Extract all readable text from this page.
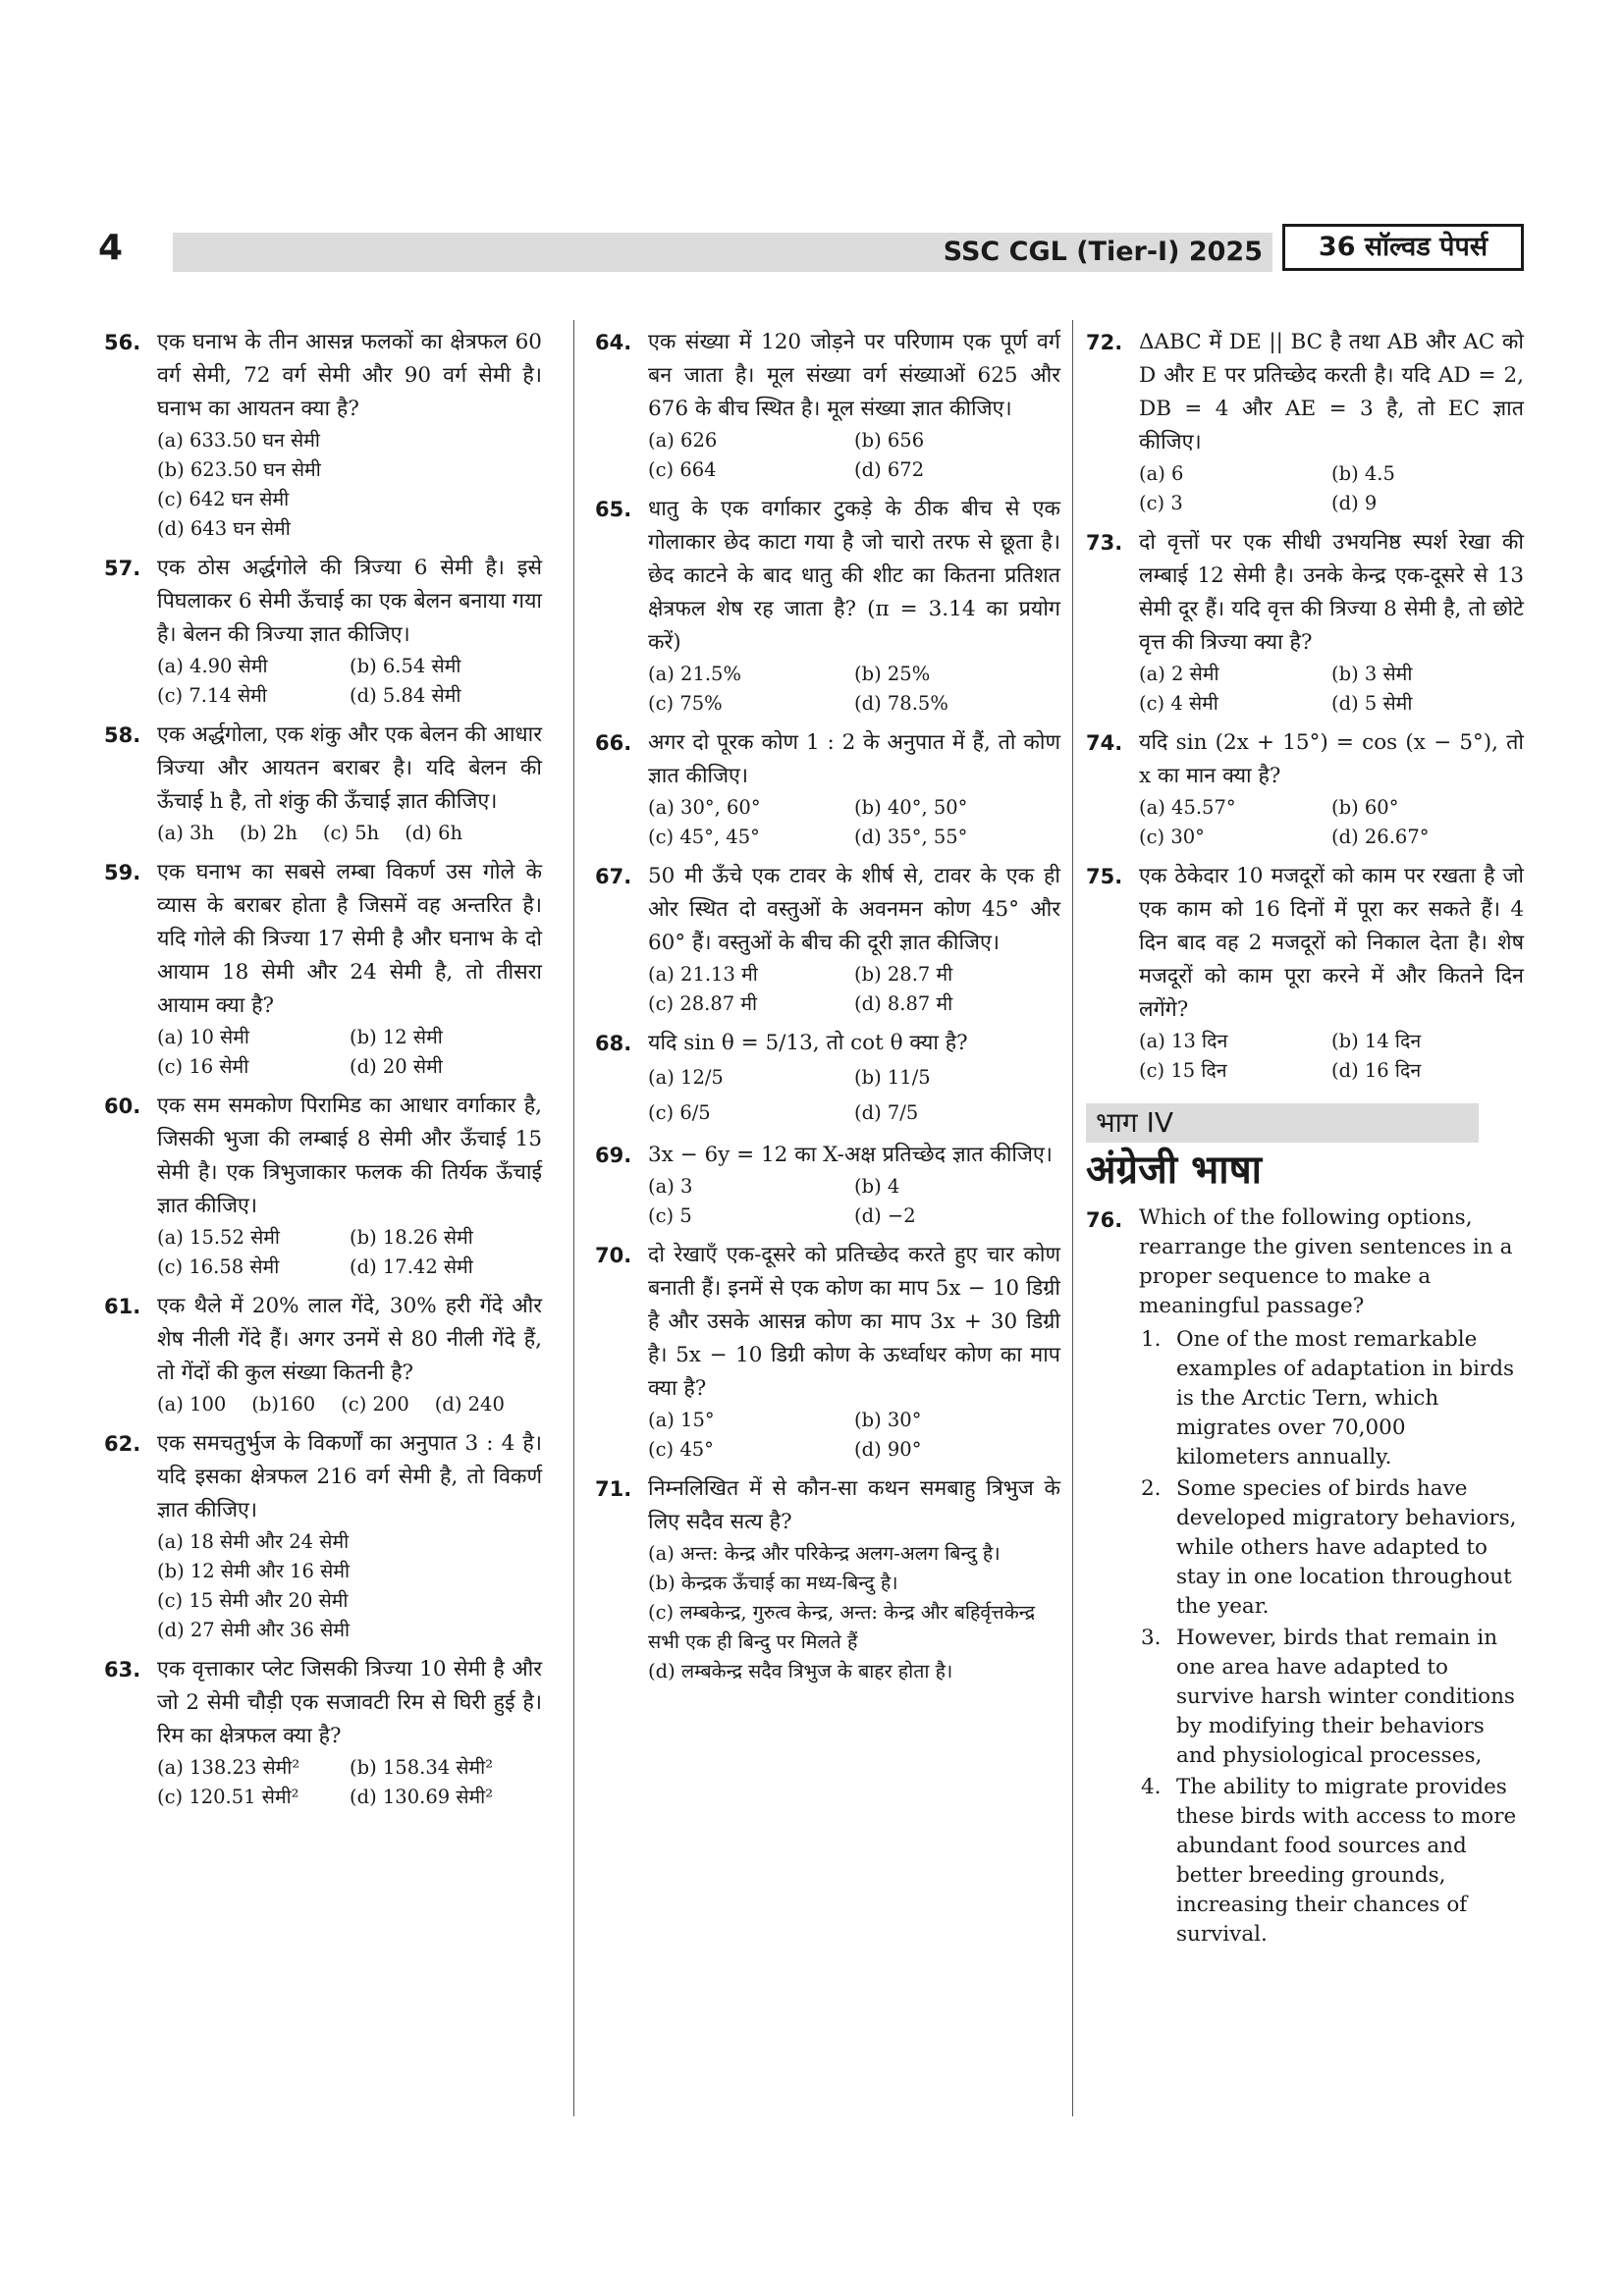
4	SSC CGL (Tier-I) 2025	36 सॉल्वड पेपर्स
56. एक घनाभ के तीन आसन्न फलकों का क्षेत्रफल 60 वर्ग सेमी, 72 वर्ग सेमी और 90 वर्ग सेमी है। घनाभ का आयतन क्या है?
(a) 633.50 घन सेमी
(b) 623.50 घन सेमी
(c) 642 घन सेमी
(d) 643 घन सेमी
57. एक ठोस अर्द्धगोले की त्रिज्या 6 सेमी है। इसे पिघलाकर 6 सेमी ऊँचाई का एक बेलन बनाया गया है। बेलन की त्रिज्या ज्ञात कीजिए।
(a) 4.90 सेमी	(b) 6.54 सेमी
(c) 7.14 सेमी	(d) 5.84 सेमी
58. एक अर्द्धगोला, एक शंकु और एक बेलन की आधार त्रिज्या और आयतन बराबर है। यदि बेलन की ऊँचाई h है, तो शंकु की ऊँचाई ज्ञात कीजिए।
(a) 3h (b) 2h (c) 5h (d) 6h
59. एक घनाभ का सबसे लम्बा विकर्ण उस गोले के व्यास के बराबर होता है जिसमें वह अन्तरित है। यदि गोले की त्रिज्या 17 सेमी है और घनाभ के दो आयाम 18 सेमी और 24 सेमी है, तो तीसरा आयाम क्या है?
(a) 10 सेमी	(b) 12 सेमी
(c) 16 सेमी	(d) 20 सेमी
60. एक सम समकोण पिरामिड का आधार वर्गाकार है, जिसकी भुजा की लम्बाई 8 सेमी और ऊँचाई 15 सेमी है। एक त्रिभुजाकार फलक की तिर्यक ऊँचाई ज्ञात कीजिए।
(a) 15.52 सेमी	(b) 18.26 सेमी
(c) 16.58 सेमी	(d) 17.42 सेमी
61. एक थैले में 20% लाल गेंदे, 30% हरी गेंदे और शेष नीली गेंदे हैं। अगर उनमें से 80 नीली गेंदे हैं, तो गेंदों की कुल संख्या कितनी है?
(a) 100 (b)160 (c) 200 (d) 240
62. एक समचतुर्भुज के विकर्णों का अनुपात 3 : 4 है। यदि इसका क्षेत्रफल 216 वर्ग सेमी है, तो विकर्ण ज्ञात कीजिए।
(a) 18 सेमी और 24 सेमी
(b) 12 सेमी और 16 सेमी
(c) 15 सेमी और 20 सेमी
(d) 27 सेमी और 36 सेमी
63. एक वृत्ताकार प्लेट जिसकी त्रिज्या 10 सेमी है और जो 2 सेमी चौड़ी एक सजावटी रिम से घिरी हुई है। रिम का क्षेत्रफल क्या है?
(a) 138.23 सेमी²	(b) 158.34 सेमी²
(c) 120.51 सेमी²	(d) 130.69 सेमी²
64. एक संख्या में 120 जोड़ने पर परिणाम एक पूर्ण वर्ग बन जाता है। मूल संख्या वर्ग संख्याओं 625 और 676 के बीच स्थित है। मूल संख्या ज्ञात कीजिए।
(a) 626	(b) 656
(c) 664	(d) 672
65. धातु के एक वर्गाकार टुकड़े के ठीक बीच से एक गोलाकार छेद काटा गया है जो चारो तरफ से छूता है। छेद काटने के बाद धातु की शीट का कितना प्रतिशत क्षेत्रफल शेष रह जाता है? (π = 3.14 का प्रयोग करें)
(a) 21.5%	(b) 25%
(c) 75%	(d) 78.5%
66. अगर दो पूरक कोण 1 : 2 के अनुपात में हैं, तो कोण ज्ञात कीजिए।
(a) 30°, 60°	(b) 40°, 50°
(c) 45°, 45°	(d) 35°, 55°
67. 50 मी ऊँचे एक टावर के शीर्ष से, टावर के एक ही ओर स्थित दो वस्तुओं के अवनमन कोण 45° और 60° हैं। वस्तुओं के बीच की दूरी ज्ञात कीजिए।
(a) 21.13 मी	(b) 28.7 मी
(c) 28.87 मी	(d) 8.87 मी
68. यदि sin θ = 5/13, तो cot θ क्या है?
(a) 12/5	(b) 11/5
(c) 6/5	(d) 7/5
69. 3x − 6y = 12 का X-अक्ष प्रतिच्छेद ज्ञात कीजिए।
(a) 3	(b) 4
(c) 5	(d) −2
70. दो रेखाएँ एक-दूसरे को प्रतिच्छेद करते हुए चार कोण बनाती हैं। इनमें से एक कोण का माप 5x − 10 डिग्री है और उसके आसन्न कोण का माप 3x + 30 डिग्री है। 5x − 10 डिग्री कोण के ऊर्ध्वाधर कोण का माप क्या है?
(a) 15°	(b) 30°
(c) 45°	(d) 90°
71. निम्नलिखित में से कौन-सा कथन समबाहु त्रिभुज के लिए सदैव सत्य है?
(a) अन्त: केन्द्र और परिकेन्द्र अलग-अलग बिन्दु है।
(b) केन्द्रक ऊँचाई का मध्य-बिन्दु है।
(c) लम्बकेन्द्र, गुरुत्व केन्द्र, अन्त: केन्द्र और बहिर्वृत्तकेन्द्र सभी एक ही बिन्दु पर मिलते हैं
(d) लम्बकेन्द्र सदैव त्रिभुज के बाहर होता है।
72. ΔABC में DE || BC है तथा AB और AC को D और E पर प्रतिच्छेद करती है। यदि AD = 2, DB = 4 और AE = 3 है, तो EC ज्ञात कीजिए।
(a) 6	(b) 4.5
(c) 3	(d) 9
73. दो वृत्तों पर एक सीधी उभयनिष्ठ स्पर्श रेखा की लम्बाई 12 सेमी है। उनके केन्द्र एक-दूसरे से 13 सेमी दूर हैं। यदि वृत्त की त्रिज्या 8 सेमी है, तो छोटे वृत्त की त्रिज्या क्या है?
(a) 2 सेमी	(b) 3 सेमी
(c) 4 सेमी	(d) 5 सेमी
74. यदि sin (2x + 15°) = cos (x − 5°), तो x का मान क्या है?
(a) 45.57°	(b) 60°
(c) 30°	(d) 26.67°
75. एक ठेकेदार 10 मजदूरों को काम पर रखता है जो एक काम को 16 दिनों में पूरा कर सकते हैं। 4 दिन बाद वह 2 मजदूरों को निकाल देता है। शेष मजदूरों को काम पूरा करने में और कितने दिन लगेंगे?
(a) 13 दिन	(b) 14 दिन
(c) 15 दिन	(d) 16 दिन
भाग IV
अंग्रेजी भाषा
76. Which of the following options, rearrange the given sentences in a proper sequence to make a meaningful passage?
1. One of the most remarkable examples of adaptation in birds is the Arctic Tern, which migrates over 70,000 kilometers annually.
2. Some species of birds have developed migratory behaviors, while others have adapted to stay in one location throughout the year.
3. However, birds that remain in one area have adapted to survive harsh winter conditions by modifying their behaviors and physiological processes,
4. The ability to migrate provides these birds with access to more abundant food sources and better breeding grounds, increasing their chances of survival.
